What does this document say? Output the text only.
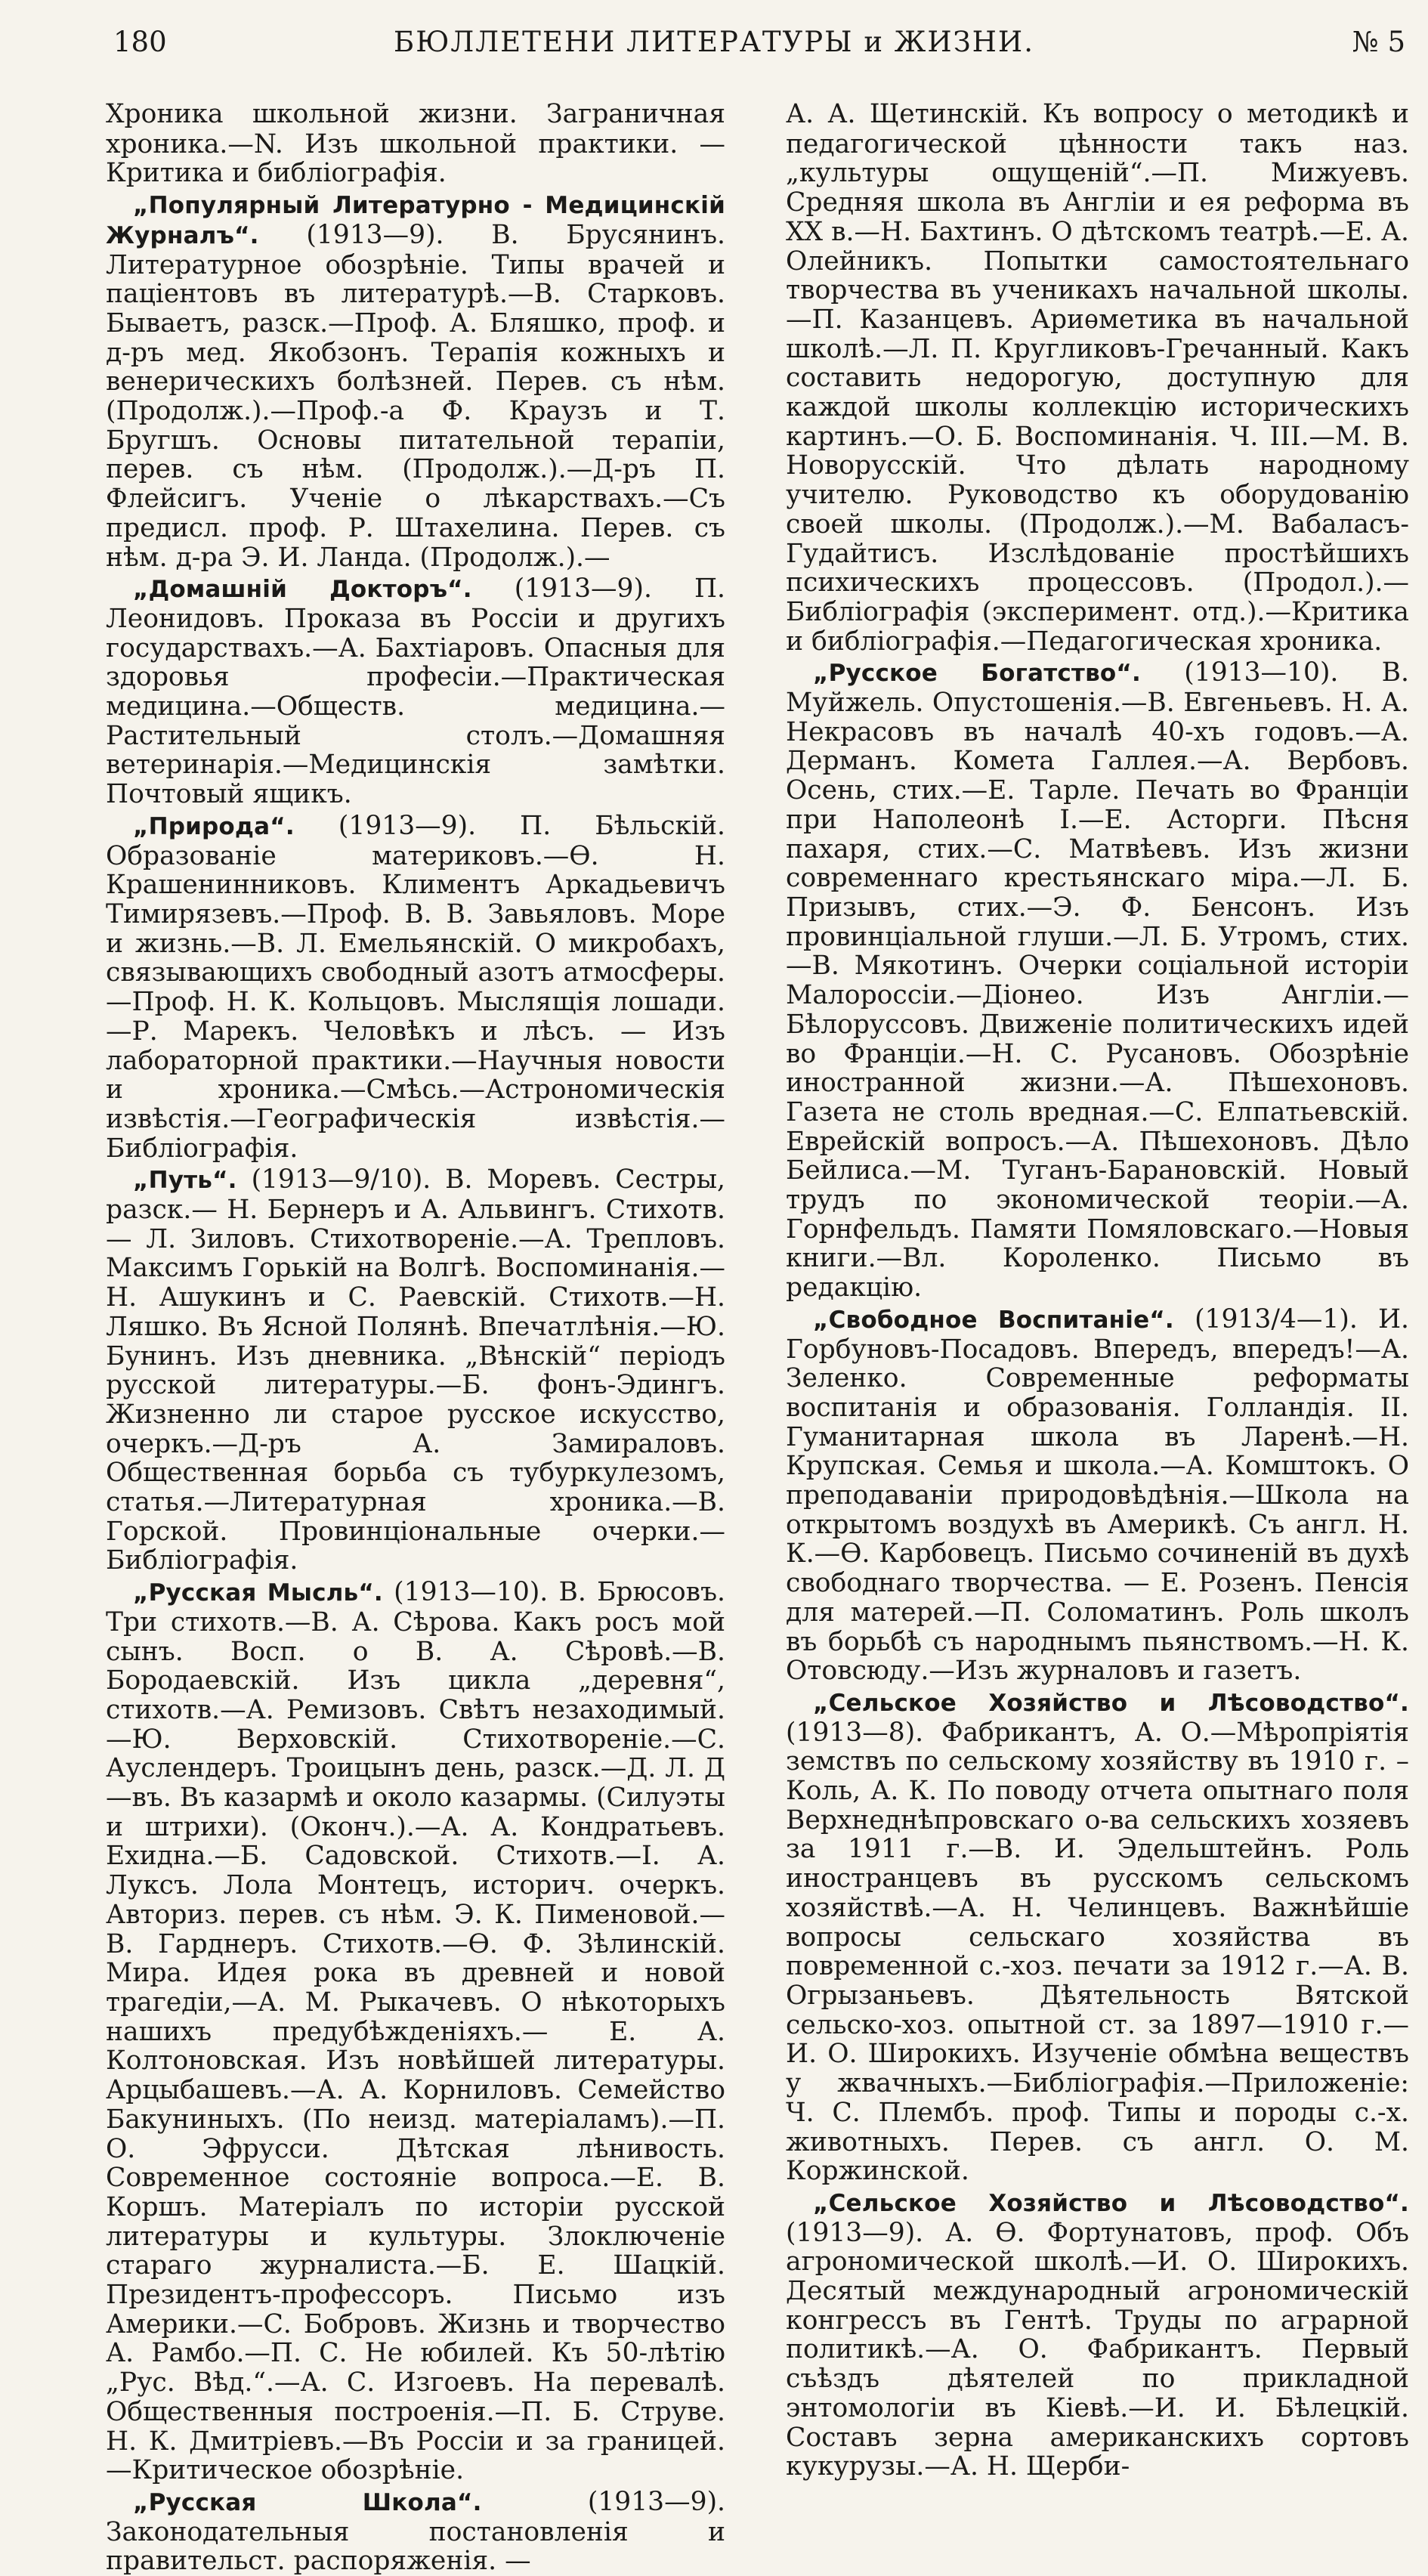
180	БЮЛЛЕТЕНИ ЛИТЕРАТУРЫ и ЖИЗНИ.	№ 5

Хроника школьной жизни. Заграничная хроника.—N. Изъ школьной практики. — Критика и библіографія.

„Популярный Литературно - Медицинскій Журналъ“. (1913—9). В. Брусянинъ. Литературное обозрѣніе. Типы врачей и паціентовъ въ литературѣ.—В. Старковъ. Бываетъ, разск.—Проф. А. Бляшко, проф. и д-ръ мед. Якобзонъ. Терапія кожныхъ и венерическихъ болѣзней. Перев. съ нѣм. (Продолж.).—Проф.-а Ф. Краузъ и Т. Бругшъ. Основы питательной терапіи, перев. съ нѣм. (Продолж.).—Д-ръ П. Флейсигъ. Ученіе о лѣкарствахъ.—Съ предисл. проф. Р. Штахелина. Перев. съ нѣм. д-ра Э. И. Ланда. (Продолж.).—

„Домашній Докторъ“. (1913—9). П. Леонидовъ. Проказа въ Россіи и другихъ государствахъ.—А. Бахтіаровъ. Опасныя для здоровья професіи.—Практическая медицина.—Обществ. медицина.—Растительный столъ.—Домашняя ветеринарія.—Медицинскія замѣтки. Почтовый ящикъ.

„Природа“. (1913—9). П. Бѣльскій. Образованіе материковъ.—Ѳ. Н. Крашенинниковъ. Климентъ Аркадьевичъ Тимирязевъ.—Проф. В. В. Завьяловъ. Море и жизнь.—В. Л. Емельянскій. О микробахъ, связывающихъ свободный азотъ атмосферы.—Проф. Н. К. Кольцовъ. Мыслящія лошади.—Р. Марекъ. Человѣкъ и лѣсъ. — Изъ лабораторной практики.—Научныя новости и хроника.—Смѣсь.—Астрономическія извѣстія.—Географическія извѣстія.—Библіографія.

„Путь“. (1913—9/10). В. Моревъ. Сестры, разск.— Н. Бернеръ и А. Альвингъ. Стихотв.— Л. Зиловъ. Стихотвореніе.—А. Трепловъ. Максимъ Горькій на Волгѣ. Воспоминанія.—Н. Ашукинъ и С. Раевскій. Стихотв.—Н. Ляшко. Въ Ясной Полянѣ. Впечатлѣнія.—Ю. Бунинъ. Изъ дневника. „Вѣнскій“ періодъ русской литературы.—Б. фонъ-Эдингъ. Жизненно ли старое русское искусство, очеркъ.—Д-ръ А. Замираловъ. Общественная борьба съ тубуркулезомъ, статья.—Литературная хроника.—В. Горской. Провинціональные очерки.—Библіографія.

„Русская Мысль“. (1913—10). В. Брюсовъ. Три стихотв.—В. А. Сѣрова. Какъ росъ мой сынъ. Восп. о В. А. Сѣровѣ.—В. Бородаевскій. Изъ цикла „деревня“, стихотв.—А. Ремизовъ. Свѣтъ незаходимый.—Ю. Верховскій. Стихотвореніе.—С. Ауслендеръ. Троицынъ день, разск.—Д. Л. Д—въ. Въ казармѣ и около казармы. (Силуэты и штрихи). (Оконч.).—А. А. Кондратьевъ. Ехидна.—Б. Садовской. Стихотв.—І. А. Луксъ. Лола Монтецъ, историч. очеркъ. Авториз. перев. съ нѣм. Э. К. Пименовой.—В. Гарднеръ. Стихотв.—Ѳ. Ф. Зѣлинскій. Мира. Идея рока въ древней и новой трагедіи,—А. М. Рыкачевъ. О нѣкоторыхъ нашихъ предубѣжденіяхъ.— Е. А. Колтоновская. Изъ новѣйшей литературы. Арцыбашевъ.—А. А. Корниловъ. Семейство Бакуниныхъ. (По неизд. матеріаламъ).—П. О. Эфрусси. Дѣтская лѣнивость. Современное состояніе вопроса.—Е. В. Коршъ. Матеріалъ по исторіи русской литературы и культуры. Злоключеніе стараго журналиста.—Б. Е. Шацкій. Президентъ-профессоръ. Письмо изъ Америки.—С. Бобровъ. Жизнь и творчество А. Рамбо.—П. С. Не юбилей. Къ 50-лѣтію „Рус. Вѣд.“.—А. С. Изгоевъ. На перевалѣ. Общественныя построенія.—П. Б. Струве. Н. К. Дмитріевъ.—Въ Россіи и за границей.—Критическое обозрѣніе.

„Русская Школа“. (1913—9). Законодательныя постановленія и правительст. распоряженія. —

А. А. Щетинскій. Къ вопросу о методикѣ и педагогической цѣнности такъ наз. „культуры ощущеній“.—П. Мижуевъ. Средняя школа въ Англіи и ея реформа въ XX в.—Н. Бахтинъ. О дѣтскомъ театрѣ.—Е. А. Олейникъ. Попытки самостоятельнаго творчества въ ученикахъ начальной школы.—П. Казанцевъ. Ариѳметика въ начальной школѣ.—Л. П. Кругликовъ-Гречанный. Какъ составить недорогую, доступную для каждой школы коллекцію историческихъ картинъ.—О. Б. Воспоминанія. Ч. III.—М. В. Новорусскій. Что дѣлать народному учителю. Руководство къ оборудованію своей школы. (Продолж.).—М. Вабаласъ-Гудайтисъ. Изслѣдованіе простѣйшихъ психическихъ процессовъ. (Продол.).—Библіографія (эксперимент. отд.).—Критика и библіографія.—Педагогическая хроника.

„Русское Богатство“. (1913—10). В. Муйжель. Опустошенія.—В. Евгеньевъ. Н. А. Некрасовъ въ началѣ 40-хъ годовъ.—А. Дерманъ. Комета Галлея.—А. Вербовъ. Осень, стих.—Е. Тарле. Печать во Франціи при Наполеонѣ I.—Е. Асторги. Пѣсня пахаря, стих.—С. Матвѣевъ. Изъ жизни современнаго крестьянскаго міра.—Л. Б. Призывъ, стих.—Э. Ф. Бенсонъ. Изъ провинціальной глуши.—Л. Б. Утромъ, стих.—В. Мякотинъ. Очерки соціальной исторіи Малороссіи.—Діонео. Изъ Англіи.—Бѣлоруссовъ. Движеніе политическихъ идей во Франціи.—Н. С. Русановъ. Обозрѣніе иностранной жизни.—А. Пѣшехоновъ. Газета не столь вредная.—С. Елпатьевскій. Еврейскій вопросъ.—А. Пѣшехоновъ. Дѣло Бейлиса.—М. Туганъ-Барановскій. Новый трудъ по экономической теоріи.—А. Горнфельдъ. Памяти Помяловскаго.—Новыя книги.—Вл. Короленко. Письмо въ редакцію.

„Свободное Воспитаніе“. (1913/4—1). И. Горбуновъ-Посадовъ. Впередъ, впередъ!—А. Зеленко. Современные реформаты воспитанія и образованія. Голландія. II. Гуманитарная школа въ Ларенѣ.—Н. Крупская. Семья и школа.—А. Комштокъ. О преподаваніи природовѣдѣнія.—Школа на открытомъ воздухѣ въ Америкѣ. Съ англ. Н. К.—Ѳ. Карбовецъ. Письмо сочиненій въ духѣ свободнаго творчества. — Е. Розенъ. Пенсія для матерей.—П. Соломатинъ. Роль школъ въ борьбѣ съ народнымъ пьянствомъ.—Н. К. Отовсюду.—Изъ журналовъ и газетъ.

„Сельское Хозяйство и Лѣсоводство“. (1913—8). Фабрикантъ, А. О.—Мѣропріятія земствъ по сельскому хозяйству въ 1910 г. –Коль, А. К. По поводу отчета опытнаго поля Верхнеднѣпровскаго о-ва сельскихъ хозяевъ за 1911 г.—В. И. Эдельштейнъ. Роль иностранцевъ въ русскомъ сельскомъ хозяйствѣ.—А. Н. Челинцевъ. Важнѣйшіе вопросы сельскаго хозяйства въ повременной с.-хоз. печати за 1912 г.—А. В. Огрызаньевъ. Дѣятельность Вятской сельско-хоз. опытной ст. за 1897—1910 г.—И. О. Широкихъ. Изученіе обмѣна веществъ у жвачныхъ.—Библіографія.—Приложеніе: Ч. С. Плембъ. проф. Типы и породы с.-х. животныхъ. Перев. съ англ. О. М. Коржинской.

„Сельское Хозяйство и Лѣсоводство“. (1913—9). А. Ѳ. Фортунатовъ, проф. Объ агрономической школѣ.—И. О. Широкихъ. Десятый международный агрономическій конгрессъ въ Гентѣ. Труды по аграрной политикѣ.—А. О. Фабрикантъ. Первый съѣздъ дѣятелей по прикладной энтомологіи въ Кіевѣ.—И. И. Бѣлецкій. Составъ зерна американскихъ сортовъ кукурузы.—А. Н. Щерби-
